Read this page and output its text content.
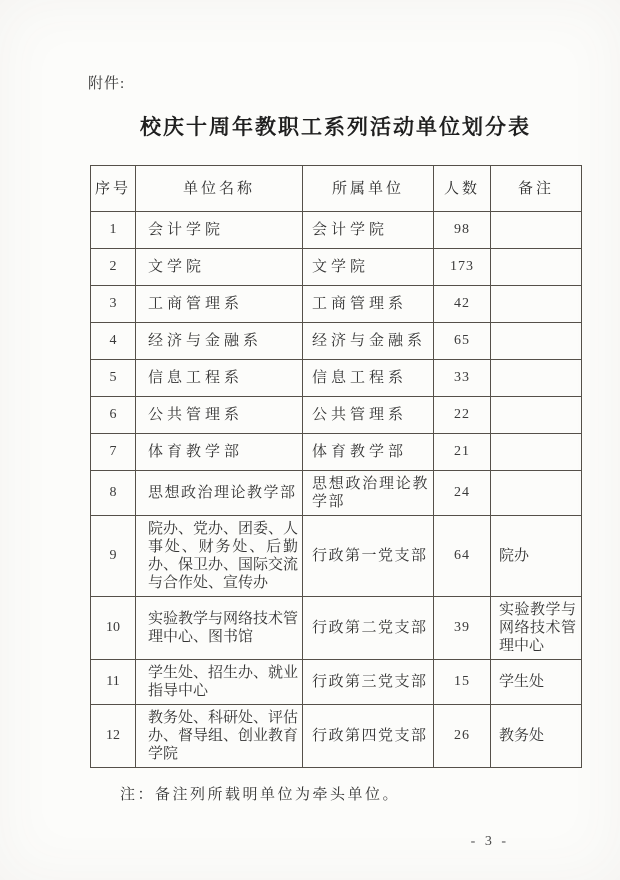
附件:
校庆十周年教职工系列活动单位划分表
序号	单位名称	所属单位	人数	备注
1	会计学院	会计学院	98	
2	文学院	文学院	173	
3	工商管理系	工商管理系	42	
4	经济与金融系	经济与金融系	65	
5	信息工程系	信息工程系	33	
6	公共管理系	公共管理系	22	
7	体育教学部	体育教学部	21	
8	思想政治理论教学部	思想政治理论教学部	24	
9	院办、党办、团委、人事处、财务处、后勤办、保卫办、国际交流与合作处、宣传办	行政第一党支部	64	院办
10	实验教学与网络技术管理中心、图书馆	行政第二党支部	39	实验教学与网络技术管理中心
11	学生处、招生办、就业指导中心	行政第三党支部	15	学生处
12	教务处、科研处、评估办、督导组、创业教育学院	行政第四党支部	26	教务处
注：备注列所载明单位为牵头单位。
- 3 -
